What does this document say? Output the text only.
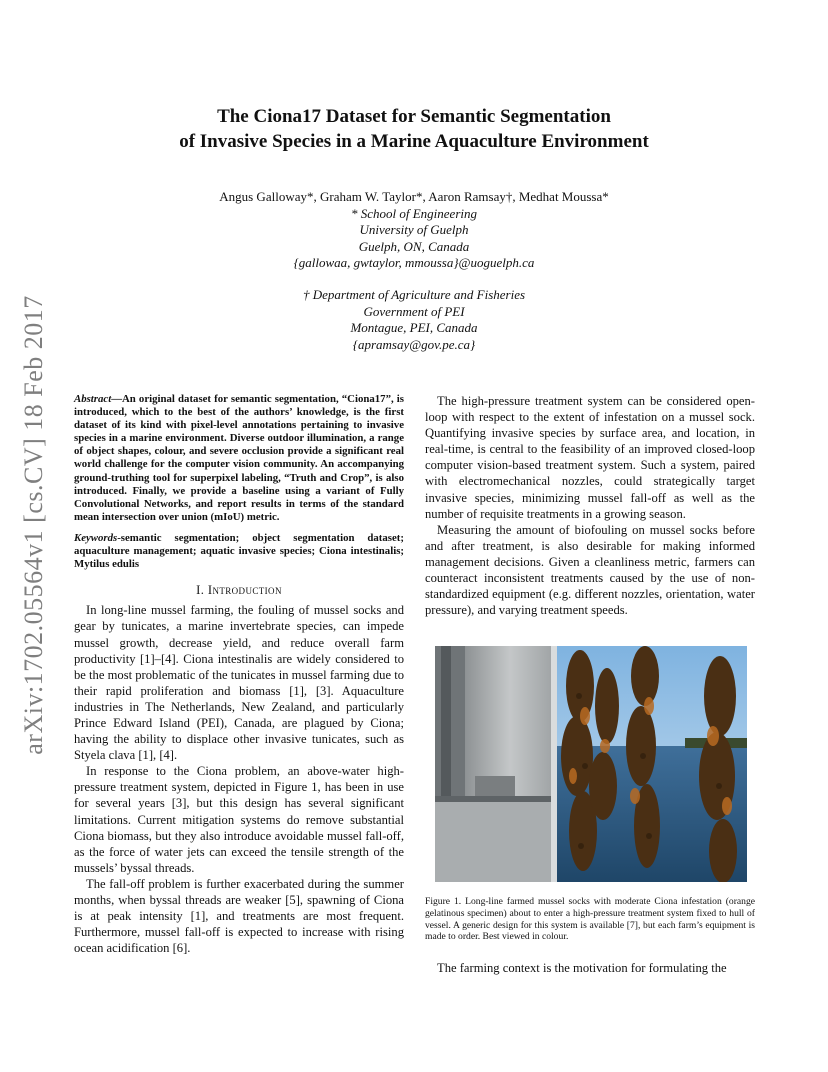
arXiv:1702.05564v1 [cs.CV] 18 Feb 2017
The Ciona17 Dataset for Semantic Segmentation
of Invasive Species in a Marine Aquaculture Environment
Angus Galloway*, Graham W. Taylor*, Aaron Ramsay†, Medhat Moussa*
* School of Engineering
University of Guelph
Guelph, ON, Canada
{gallowaa, gwtaylor, mmoussa}@uoguelph.ca
† Department of Agriculture and Fisheries
Government of PEI
Montague, PEI, Canada
{apramsay@gov.pe.ca}

Abstract—An original dataset for semantic segmentation, “Ciona17”, is introduced, which to the best of the authors’ knowledge, is the first dataset of its kind with pixel-level annotations pertaining to invasive species in a marine environment. Diverse outdoor illumination, a range of object shapes, colour, and severe occlusion provide a significant real world challenge for the computer vision community. An accompanying ground-truthing tool for superpixel labeling, “Truth and Crop”, is also introduced. Finally, we provide a baseline using a variant of Fully Convolutional Networks, and report results in terms of the standard mean intersection over union (mIoU) metric.

Keywords-semantic segmentation; object segmentation dataset; aquaculture management; aquatic invasive species; Ciona intestinalis; Mytilus edulis

I. Introduction

In long-line mussel farming, the fouling of mussel socks and gear by tunicates, a marine invertebrate species, can impede mussel growth, decrease yield, and reduce overall farm productivity [1]–[4]. Ciona intestinalis are widely considered to be the most problematic of the tunicates in mussel farming due to their rapid proliferation and biomass [1], [3]. Aquaculture industries in The Netherlands, New Zealand, and particularly Prince Edward Island (PEI), Canada, are plagued by Ciona; having the ability to displace other invasive tunicates, such as Styela clava [1], [4].

In response to the Ciona problem, an above-water high-pressure treatment system, depicted in Figure 1, has been in use for several years [3], but this design has several significant limitations. Current mitigation systems do remove substantial Ciona biomass, but they also introduce avoidable mussel fall-off, as the force of water jets can exceed the tensile strength of the mussels’ byssal threads.

The fall-off problem is further exacerbated during the summer months, when byssal threads are weaker [5], spawning of Ciona is at peak intensity [1], and treatments are most frequent. Furthermore, mussel fall-off is expected to increase with rising ocean acidification [6].

The high-pressure treatment system can be considered open-loop with respect to the extent of infestation on a mussel sock. Quantifying invasive species by surface area, and location, in real-time, is central to the feasibility of an improved closed-loop computer vision-based treatment system. Such a system, paired with electromechanical nozzles, could strategically target invasive species, minimizing mussel fall-off as well as the number of requisite treatments in a growing season.

Measuring the amount of biofouling on mussel socks before and after treatment, is also desirable for making informed management decisions. Given a cleanliness metric, farmers can counteract inconsistent treatments caused by the use of non-standardized equipment (e.g. different nozzles, orientation, water pressure), and varying treatment speeds.

Figure 1. Long-line farmed mussel socks with moderate Ciona infestation (orange gelatinous specimen) about to enter a high-pressure treatment system fixed to hull of vessel. A generic design for this system is available [7], but each farm’s equipment is made to order. Best viewed in colour.

The farming context is the motivation for formulating the
